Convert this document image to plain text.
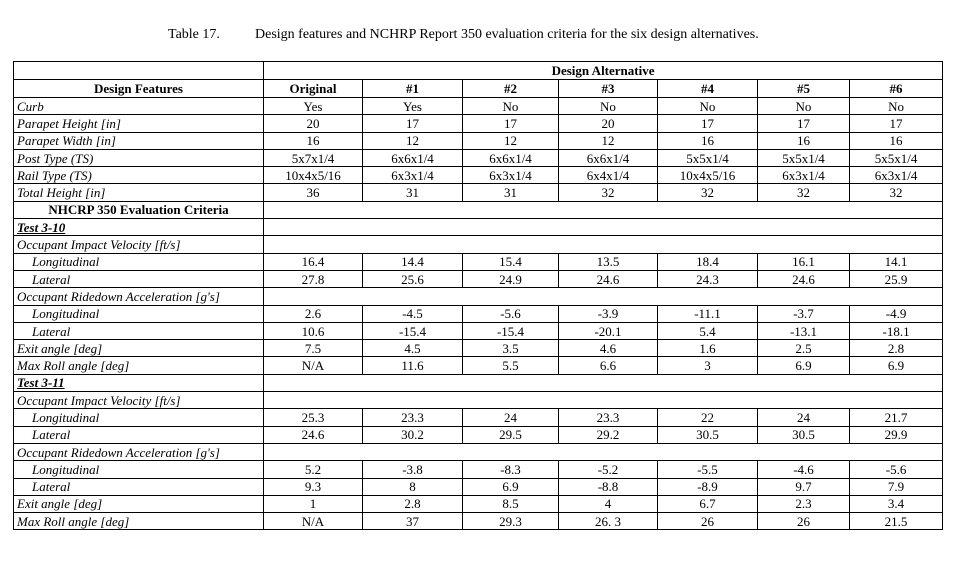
Table 17.	Design features and NCHRP Report 350 evaluation criteria for the six design alternatives.
	Design Alternative						
Design Features	Original	#1	#2	#3	#4	#5	#6
Curb	Yes	Yes	No	No	No	No	No
Parapet Height [in]	20	17	17	20	17	17	17
Parapet Width [in]	16	12	12	12	16	16	16
Post Type (TS)	5x7x1/4	6x6x1/4	6x6x1/4	6x6x1/4	5x5x1/4	5x5x1/4	5x5x1/4
Rail Type (TS)	10x4x5/16	6x3x1/4	6x3x1/4	6x4x1/4	10x4x5/16	6x3x1/4	6x3x1/4
Total Height [in]	36	31	31	32	32	32	32
NHCRP 350 Evaluation Criteria							
Test 3-10							
Occupant Impact Velocity [ft/s]							
Longitudinal	16.4	14.4	15.4	13.5	18.4	16.1	14.1
Lateral	27.8	25.6	24.9	24.6	24.3	24.6	25.9
Occupant Ridedown Acceleration [g's]							
Longitudinal	2.6	-4.5	-5.6	-3.9	-11.1	-3.7	-4.9
Lateral	10.6	-15.4	-15.4	-20.1	5.4	-13.1	-18.1
Exit angle [deg]	7.5	4.5	3.5	4.6	1.6	2.5	2.8
Max Roll angle [deg]	N/A	11.6	5.5	6.6	3	6.9	6.9
Test 3-11							
Occupant Impact Velocity [ft/s]							
Longitudinal	25.3	23.3	24	23.3	22	24	21.7
Lateral	24.6	30.2	29.5	29.2	30.5	30.5	29.9
Occupant Ridedown Acceleration [g's]							
Longitudinal	5.2	-3.8	-8.3	-5.2	-5.5	-4.6	-5.6
Lateral	9.3	8	6.9	-8.8	-8.9	9.7	7.9
Exit angle [deg]	1	2.8	8.5	4	6.7	2.3	3.4
Max Roll angle [deg]	N/A	37	29.3	26. 3	26	26	21.5
